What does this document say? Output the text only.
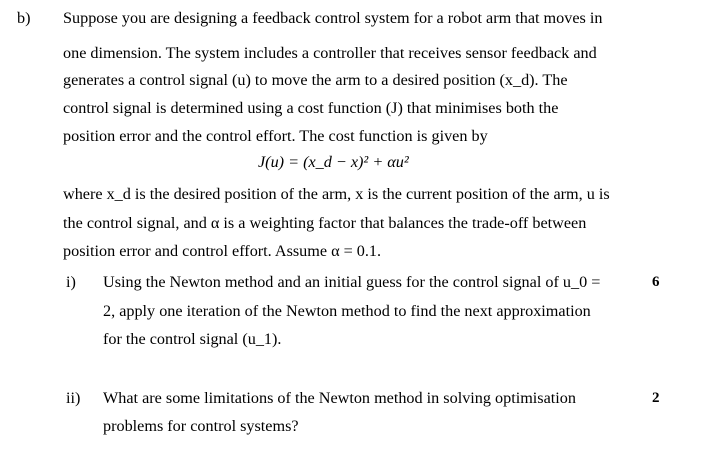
b) Suppose you are designing a feedback control system for a robot arm that moves in
one dimension. The system includes a controller that receives sensor feedback and
generates a control signal (u) to move the arm to a desired position (x_d). The
control signal is determined using a cost function (J) that minimises both the
position error and the control effort. The cost function is given by
J(u) = (x_d − x)² + αu²
where x_d is the desired position of the arm, x is the current position of the arm, u is
the control signal, and α is a weighting factor that balances the trade-off between
position error and control effort. Assume α = 0.1.
i) Using the Newton method and an initial guess for the control signal of u_0 =
2, apply one iteration of the Newton method to find the next approximation
for the control signal (u_1).
6
ii) What are some limitations of the Newton method in solving optimisation
problems for control systems?
2
